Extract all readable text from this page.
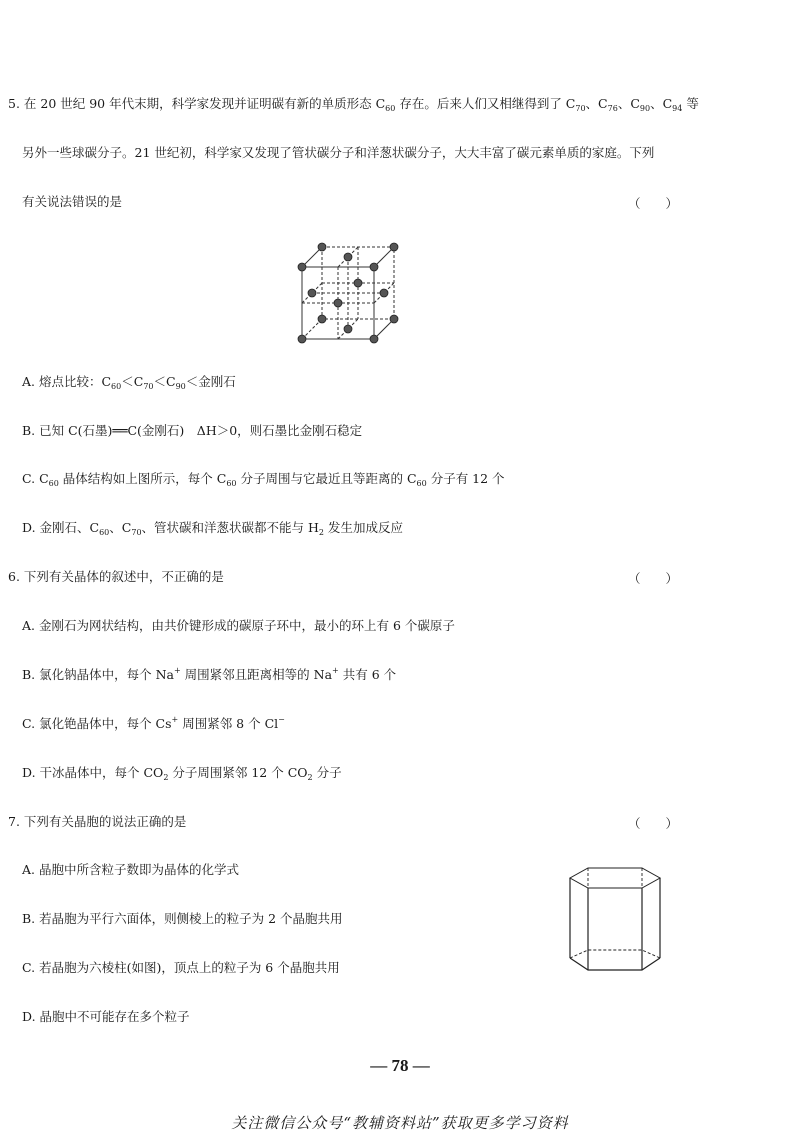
5. 在 20 世纪 90 年代末期，科学家发现并证明碳有新的单质形态 $C_{60}$ 存在。后来人们又相继得到了 $C_{70}$、$C_{76}$、$C_{90}$、$C_{94}$ 等
另外一些球碳分子。21 世纪初，科学家又发现了管状碳分子和洋葱状碳分子，大大丰富了碳元素单质的家庭。下列
有关说法错误的是	（　　）
A. 熔点比较：$C_{60}<C_{70}<C_{90}<$金刚石
B. 已知 C(石墨)══C(金刚石)　ΔH＞0，则石墨比金刚石稳定
C. $C_{60}$ 晶体结构如上图所示，每个 $C_{60}$ 分子周围与它最近且等距离的 $C_{60}$ 分子有 12 个
D. 金刚石、$C_{60}$、$C_{70}$、管状碳和洋葱状碳都不能与 $H_2$ 发生加成反应
6. 下列有关晶体的叙述中，不正确的是	（　　）
A. 金刚石为网状结构，由共价键形成的碳原子环中，最小的环上有 6 个碳原子
B. 氯化钠晶体中，每个 Na+ 周围紧邻且距离相等的 Na+ 共有 6 个
C. 氯化铯晶体中，每个 Cs+ 周围紧邻 8 个 Cl−
D. 干冰晶体中，每个 $CO_2$ 分子周围紧邻 12 个 $CO_2$ 分子
7. 下列有关晶胞的说法正确的是	（　　）
A. 晶胞中所含粒子数即为晶体的化学式
B. 若晶胞为平行六面体，则侧棱上的粒子为 2 个晶胞共用
C. 若晶胞为六棱柱(如图)，顶点上的粒子为 6 个晶胞共用
D. 晶胞中不可能存在多个粒子
— 78 —
关注微信公众号“教辅资料站”获取更多学习资料
